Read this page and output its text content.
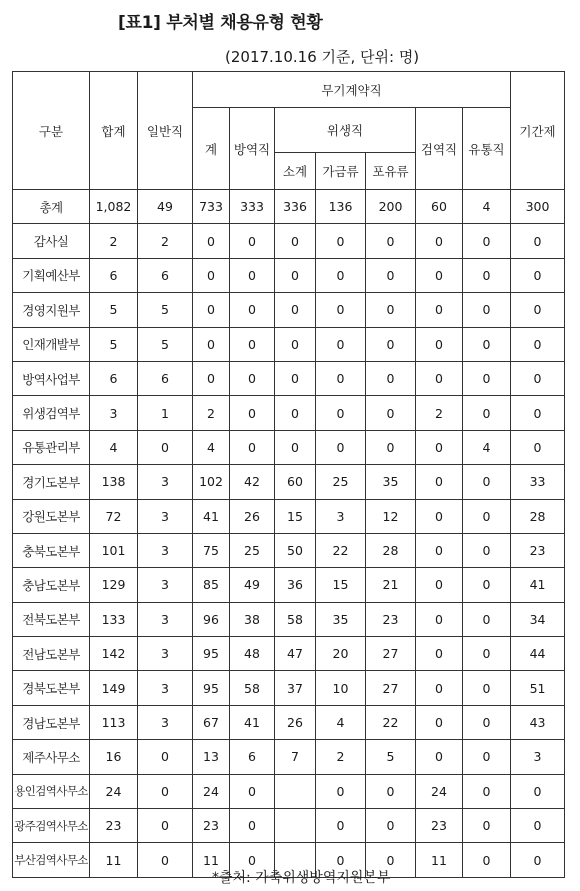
[표1] 부처별 채용유형 현황
(2017.10.16 기준, 단위: 명)
구분	합계	일반직	무기계약직							기간제
			계	방역직	위생직			검역직	유통직	
					소계	가금류	포유류			
총계	1,082	49	733	333	336	136	200	60	4	300
감사실	2	2	0	0	0	0	0	0	0	0
기획예산부	6	6	0	0	0	0	0	0	0	0
경영지원부	5	5	0	0	0	0	0	0	0	0
인재개발부	5	5	0	0	0	0	0	0	0	0
방역사업부	6	6	0	0	0	0	0	0	0	0
위생검역부	3	1	2	0	0	0	0	2	0	0
유통관리부	4	0	4	0	0	0	0	0	4	0
경기도본부	138	3	102	42	60	25	35	0	0	33
강원도본부	72	3	41	26	15	3	12	0	0	28
충북도본부	101	3	75	25	50	22	28	0	0	23
충남도본부	129	3	85	49	36	15	21	0	0	41
전북도본부	133	3	96	38	58	35	23	0	0	34
전남도본부	142	3	95	48	47	20	27	0	0	44
경북도본부	149	3	95	58	37	10	27	0	0	51
경남도본부	113	3	67	41	26	4	22	0	0	43
제주사무소	16	0	13	6	7	2	5	0	0	3
용인검역사무소	24	0	24	0		0	0	24	0	0
광주검역사무소	23	0	23	0		0	0	23	0	0
부산검역사무소	11	0	11	0		0	0	11	0	0
*출처: 가축위생방역지원본부
